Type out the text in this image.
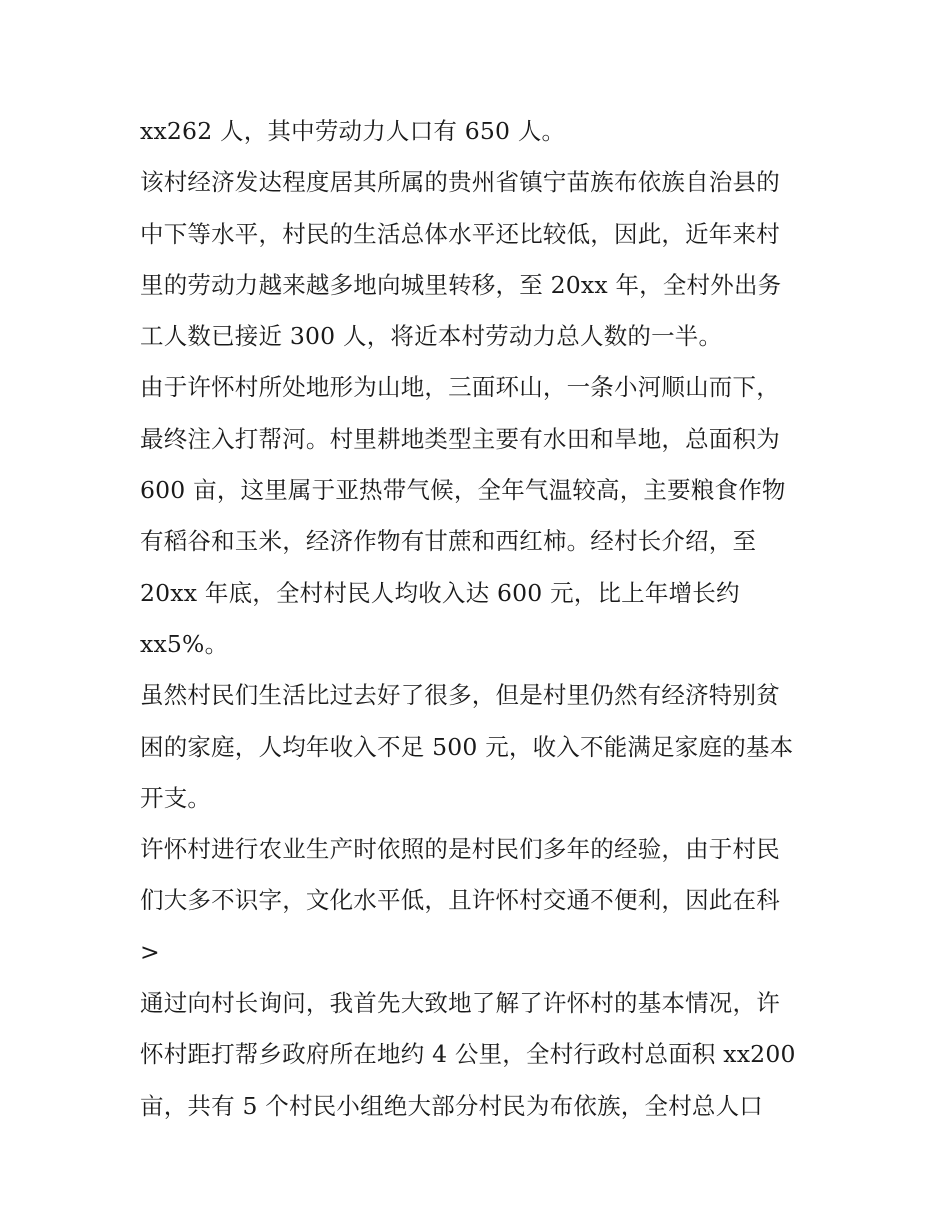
xx262 人，其中劳动力人口有 650 人。
该村经济发达程度居其所属的贵州省镇宁苗族布依族自治县的
中下等水平，村民的生活总体水平还比较低，因此，近年来村
里的劳动力越来越多地向城里转移，至 20xx 年，全村外出务
工人数已接近 300 人，将近本村劳动力总人数的一半。
由于许怀村所处地形为山地，三面环山，一条小河顺山而下，
最终注入打帮河。村里耕地类型主要有水田和旱地，总面积为
600 亩，这里属于亚热带气候，全年气温较高，主要粮食作物
有稻谷和玉米，经济作物有甘蔗和西红柿。经村长介绍，至
20xx 年底，全村村民人均收入达 600 元，比上年增长约
xx5%。
虽然村民们生活比过去好了很多，但是村里仍然有经济特别贫
困的家庭，人均年收入不足 500 元，收入不能满足家庭的基本
开支。
许怀村进行农业生产时依照的是村民们多年的经验，由于村民
们大多不识字，文化水平低，且许怀村交通不便利，因此在科
>
通过向村长询问，我首先大致地了解了许怀村的基本情况，许
怀村距打帮乡政府所在地约 4 公里，全村行政村总面积 xx200
亩，共有 5 个村民小组绝大部分村民为布依族，全村总人口
